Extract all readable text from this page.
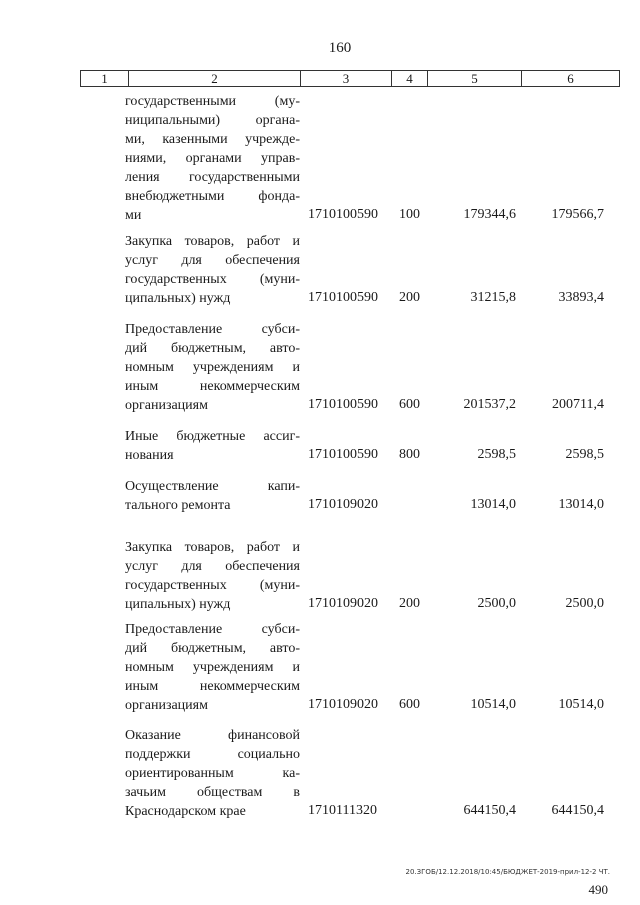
160
1	2	3	4	5	6
государственными (му-
ниципальными) органа-
ми, казенными учрежде-
ниями, органами управ-
ления государственными
внебюджетными фонда-
ми	1710100590 100	179344,6	179566,7
Закупка товаров, работ и
услуг для обеспечения
государственных (муни-
ципальных) нужд	1710100590 200	31215,8	33893,4
Предоставление субси-
дий бюджетным, авто-
номным учреждениям и
иным некоммерческим
организациям	1710100590 600	201537,2	200711,4
Иные бюджетные ассиг-
нования	1710100590 800	2598,5	2598,5
Осуществление капи-
тального ремонта	1710109020	13014,0	13014,0
Закупка товаров, работ и
услуг для обеспечения
государственных (муни-
ципальных) нужд	1710109020 200	2500,0	2500,0
Предоставление субси-
дий бюджетным, авто-
номным учреждениям и
иным некоммерческим
организациям	1710109020 600	10514,0	10514,0
Оказание финансовой
поддержки социально
ориентированным ка-
зачьим обществам в
Краснодарском крае	1710111320	644150,4	644150,4
20.ЗГОБ/12.12.2018/10:45/БЮДЖЕТ-2019-прил-12-2 ЧТ.
490
